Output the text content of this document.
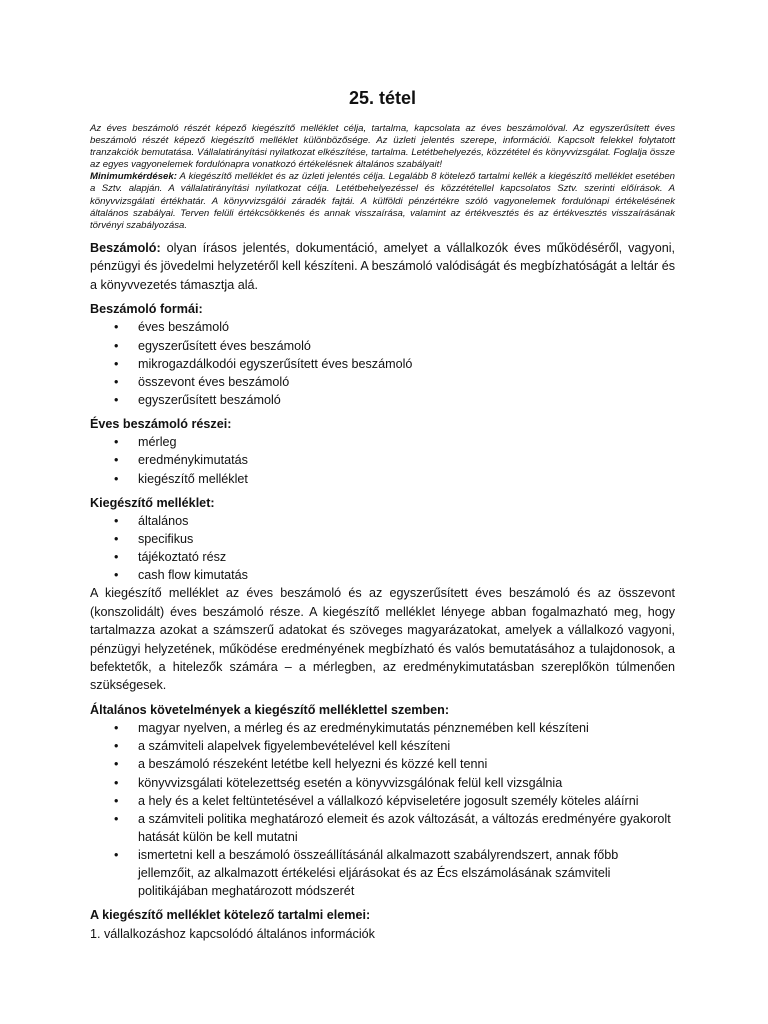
25. tétel

Az éves beszámoló részét képező kiegészítő melléklet célja, tartalma, kapcsolata az éves beszámolóval. Az egyszerűsített éves beszámoló részét képező kiegészítő melléklet különbözősége. Az üzleti jelentés szerepe, információi. Kapcsolt felekkel folytatott tranzakciók bemutatása. Vállalatirányítási nyilatkozat elkészítése, tartalma. Letétbehelyezés, közzététel és könyvvizsgálat. Foglalja össze az egyes vagyonelemek fordulónapra vonatkozó értékelésnek általános szabályait!
Minimumkérdések: A kiegészítő melléklet és az üzleti jelentés célja. Legalább 8 kötelező tartalmi kellék a kiegészítő melléklet esetében a Sztv. alapján. A vállalatirányítási nyilatkozat célja. Letétbehelyezéssel és közzététellel kapcsolatos Sztv. szerinti előírások. A könyvvizsgálati értékhatár. A könyvvizsgálói záradék fajtái. A külföldi pénzértékre szóló vagyonelemek fordulónapi értékelésének általános szabályai. Terven felüli értékcsökkenés és annak visszaírása, valamint az értékvesztés és az értékvesztés visszaírásának törvényi szabályozása.

Beszámoló: olyan írásos jelentés, dokumentáció, amelyet a vállalkozók éves működéséről, vagyoni, pénzügyi és jövedelmi helyzetéről kell készíteni. A beszámoló valódiságát és megbízhatóságát a leltár és a könyvvezetés támasztja alá.

Beszámoló formái:
• éves beszámoló
• egyszerűsített éves beszámoló
• mikrogazdálkodói egyszerűsített éves beszámoló
• összevont éves beszámoló
• egyszerűsített beszámoló
Éves beszámoló részei:
• mérleg
• eredménykimutatás
• kiegészítő melléklet
Kiegészítő melléklet:
• általános
• specifikus
• tájékoztató rész
• cash flow kimutatás

A kiegészítő melléklet az éves beszámoló és az egyszerűsített éves beszámoló és az összevont (konszolidált) éves beszámoló része. A kiegészítő melléklet lényege abban fogalmazható meg, hogy tartalmazza azokat a számszerű adatokat és szöveges magyarázatokat, amelyek a vállalkozó vagyoni, pénzügyi helyzetének, működése eredményének megbízható és valós bemutatásához a tulajdonosok, a befektetők, a hitelezők számára – a mérlegben, az eredménykimutatásban szereplőkön túlmenően szükségesek.

Általános követelmények a kiegészítő melléklettel szemben:
• magyar nyelven, a mérleg és az eredménykimutatás pénznemében kell készíteni
• a számviteli alapelvek figyelembevételével kell készíteni
• a beszámoló részeként letétbe kell helyezni és közzé kell tenni
• könyvvizsgálati kötelezettség esetén a könyvvizsgálónak felül kell vizsgálnia
• a hely és a kelet feltüntetésével a vállalkozó képviseletére jogosult személy köteles aláírni
• a számviteli politika meghatározó elemeit és azok változását, a változás eredményére gyakorolt hatását külön be kell mutatni
• ismertetni kell a beszámoló összeállításánál alkalmazott szabályrendszert, annak főbb jellemzőit, az alkalmazott értékelési eljárásokat és az Écs elszámolásának számviteli politikájában meghatározott módszerét
A kiegészítő melléklet kötelező tartalmi elemei:

1. vállalkozáshoz kapcsolódó általános információk
